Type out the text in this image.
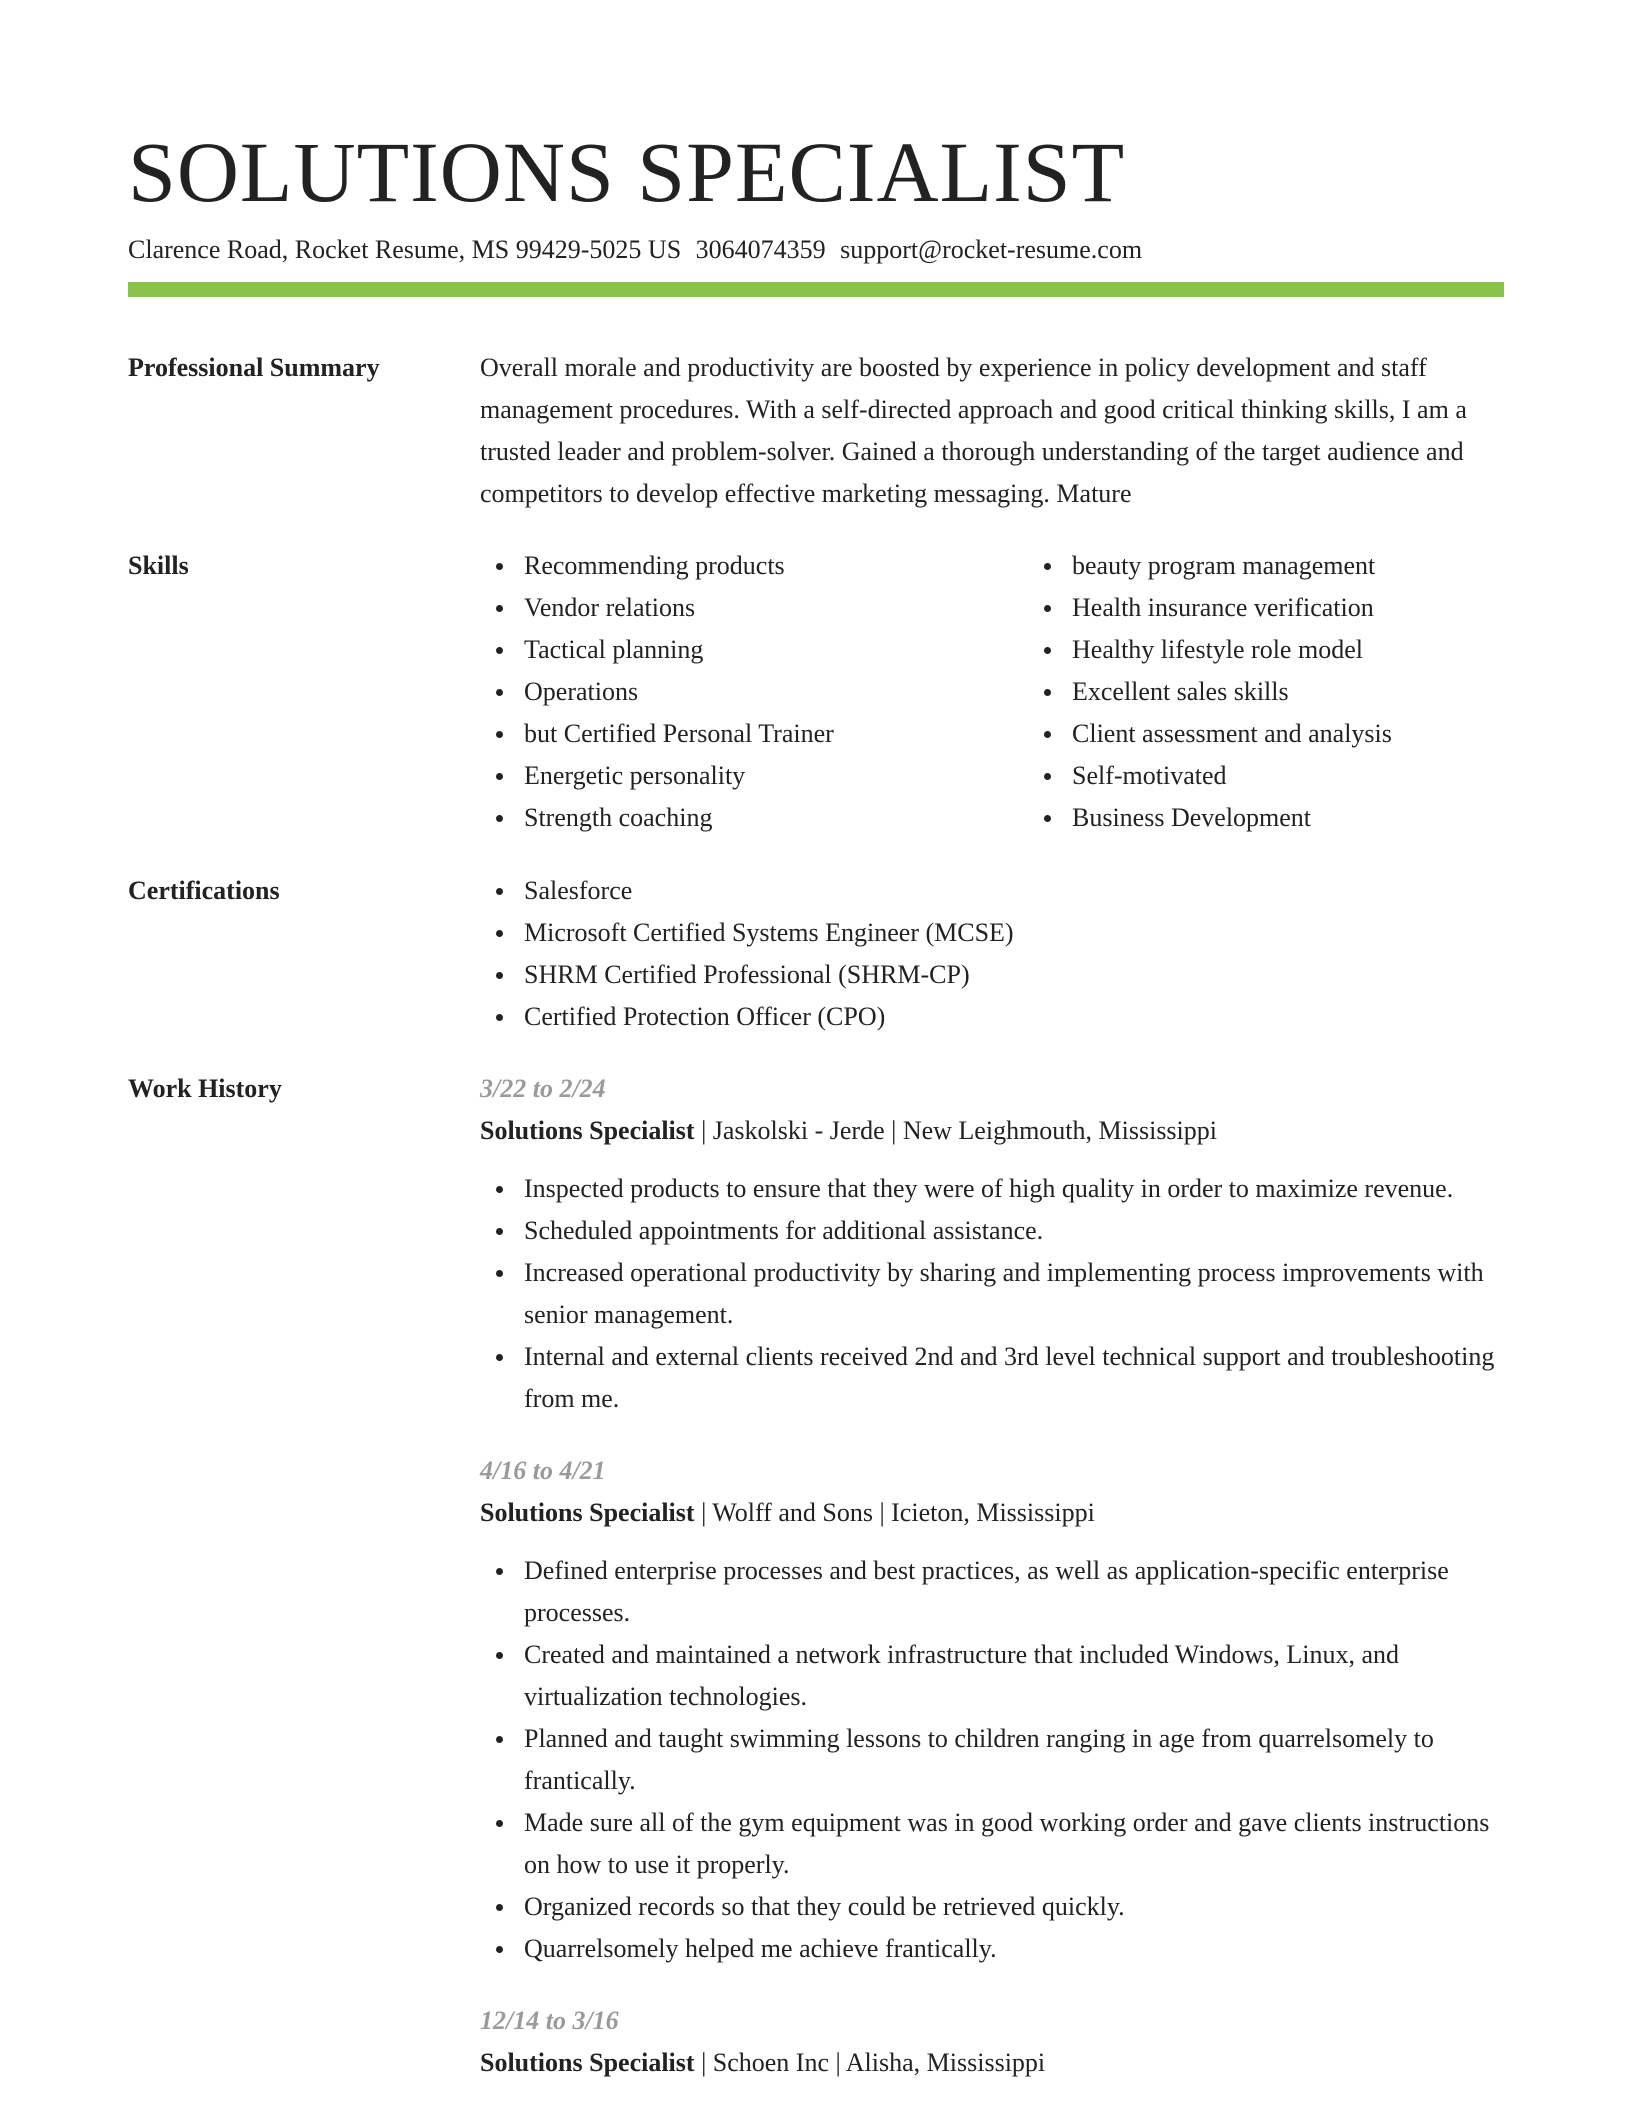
SOLUTIONS SPECIALIST
Clarence Road, Rocket Resume, MS 99429-5025 US 3064074359 support@rocket-resume.com
Professional Summary	Overall morale and productivity are boosted by experience in policy development and staff management procedures. With a self-directed approach and good critical thinking skills, I am a trusted leader and problem-solver. Gained a thorough understanding of the target audience and competitors to develop effective marketing messaging. Mature
Skills	Recommending products
Vendor relations
Tactical planning
Operations
but Certified Personal Trainer
Energetic personality
Strength coaching
beauty program management
Health insurance verification
Healthy lifestyle role model
Excellent sales skills
Client assessment and analysis
Self-motivated
Business Development
Certifications	Salesforce
Microsoft Certified Systems Engineer (MCSE)
SHRM Certified Professional (SHRM-CP)
Certified Protection Officer (CPO)
Work History	3/22 to 2/24
Solutions Specialist | Jaskolski - Jerde | New Leighmouth, Mississippi
Inspected products to ensure that they were of high quality in order to maximize revenue.
Scheduled appointments for additional assistance.
Increased operational productivity by sharing and implementing process improvements with senior management.
Internal and external clients received 2nd and 3rd level technical support and troubleshooting from me.
4/16 to 4/21
Solutions Specialist | Wolff and Sons | Icieton, Mississippi
Defined enterprise processes and best practices, as well as application-specific enterprise processes.
Created and maintained a network infrastructure that included Windows, Linux, and virtualization technologies.
Planned and taught swimming lessons to children ranging in age from quarrelsomely to frantically.
Made sure all of the gym equipment was in good working order and gave clients instructions on how to use it properly.
Organized records so that they could be retrieved quickly.
Quarrelsomely helped me achieve frantically.
12/14 to 3/16
Solutions Specialist | Schoen Inc | Alisha, Mississippi
